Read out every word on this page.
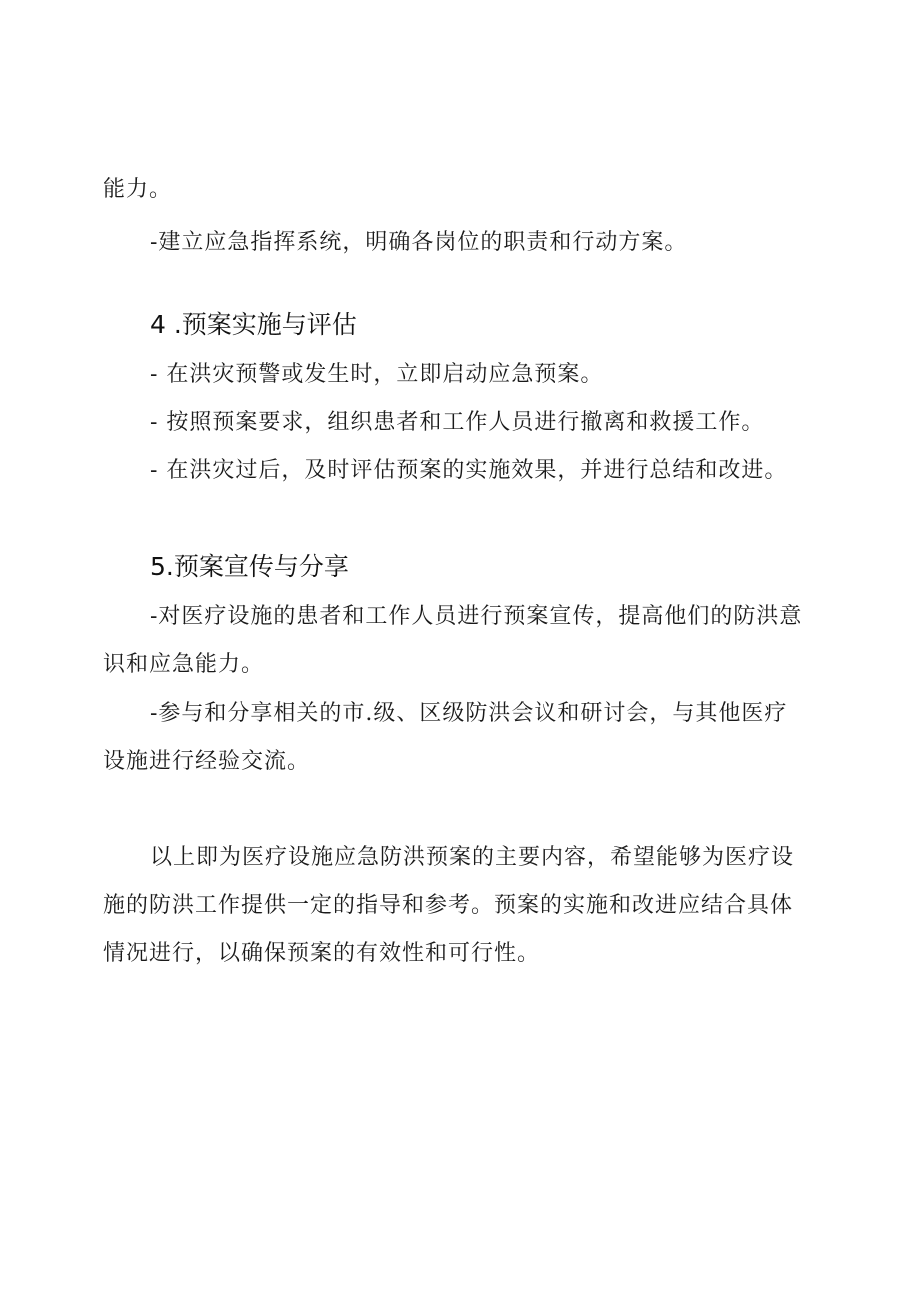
能力。

-建立应急指挥系统，明确各岗位的职责和行动方案。

4 .预案实施与评估

- 在洪灾预警或发生时，立即启动应急预案。

- 按照预案要求，组织患者和工作人员进行撤离和救援工作。

- 在洪灾过后，及时评估预案的实施效果，并进行总结和改进。

5.预案宣传与分享

-对医疗设施的患者和工作人员进行预案宣传，提高他们的防洪意

识和应急能力。

-参与和分享相关的市.级、区级防洪会议和研讨会，与其他医疗

设施进行经验交流。

以上即为医疗设施应急防洪预案的主要内容，希望能够为医疗设

施的防洪工作提供一定的指导和参考。预案的实施和改进应结合具体

情况进行，以确保预案的有效性和可行性。
